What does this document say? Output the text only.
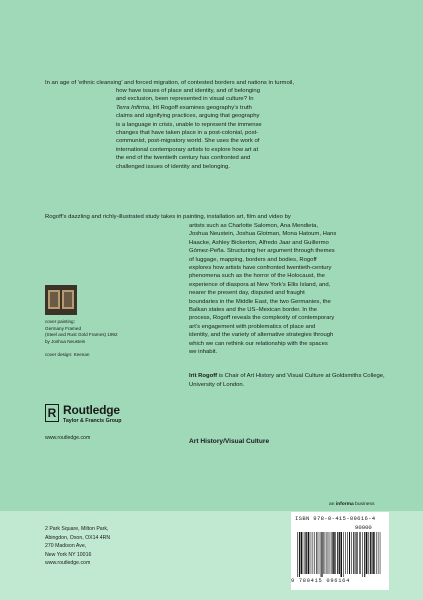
In an age of ‘ethnic cleansing’ and forced migration, of contested borders and nations in turmoil,

how have issues of place and identity, and of belonging

and exclusion, been represented in visual culture? In

Terra Infirma, Irit Rogoff examines geography’s truth

claims and signifying practices, arguing that geography

is a language in crisis, unable to represent the immense

changes that have taken place in a post-colonial, post-

communist, post-migratory world. She uses the work of

international contemporary artists to explore how art at

the end of the twentieth century has confronted and

challenged issues of identity and belonging.

Rogoff’s dazzling and richly-illustrated study takes in painting, installation art, film and video by

artists such as Charlotte Salomon, Ana Mendieta,

Joshua Neustein, Joshua Glotman, Mona Hatoum, Hans

Haacke, Ashley Bickerton, Alfredo Jaar and Guillermo

Gómez-Peña. Structuring her argument through themes

of luggage, mapping, borders and bodies, Rogoff

explores how artists have confronted twentieth-century

phenomena such as the horror of the Holocaust, the

experience of diaspora at New York’s Ellis Island, and,

nearer the present day, disputed and fraught

boundaries in the Middle East, the two Germanies, the

Balkan states and the US–Mexican border. In the

process, Rogoff reveals the complexity of contemporary

art’s engagement with problematics of place and

identity, and the variety of alternative strategies through

which we can rethink our relationship with the spaces

we inhabit.

cover painting:
Germany Framed
(Steel and Rust Gold Frames) 1992
by Joshua Neustein
cover design: Keenan

Irit Rogoff is Chair of Art History and Visual Culture at Goldsmiths College,

University of London.

R Routledge
Taylor & Francis Group
www.routledge.com	Art History/Visual Culture
an informa business
2 Park Square, Milton Park,
Abingdon, Oxon, OX14 4RN
270 Madison Ave,
New York NY 10016
www.routledge.com
ISBN 978-0-415-09616-4
90000
9 780415 096164
